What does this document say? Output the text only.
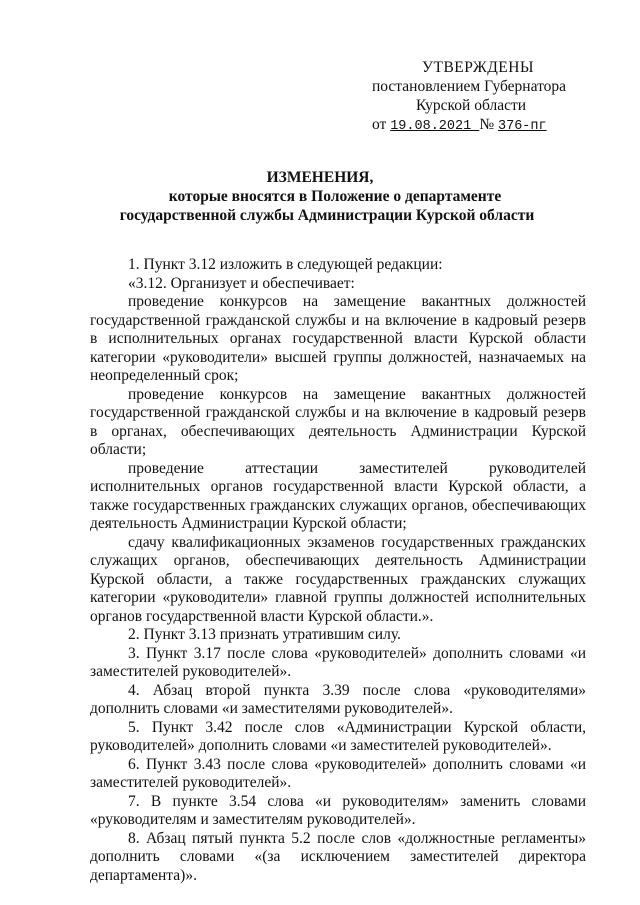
УТВЕРЖДЕНЫ
постановлением Губернатора
Курской области
от 19.08.2021 № 376-пг
ИЗМЕНЕНИЯ,
которые вносятся в Положение о департаменте
государственной службы Администрации Курской области

1. Пункт 3.12 изложить в следующей редакции:

«3.12. Организует и обеспечивает:

проведение конкурсов на замещение вакантных должностей государственной гражданской службы и на включение в кадровый резерв в исполнительных органах государственной власти Курской области категории «руководители» высшей группы должностей, назначаемых на неопределенный срок;

проведение конкурсов на замещение вакантных должностей государственной гражданской службы и на включение в кадровый резерв в органах, обеспечивающих деятельность Администрации Курской области;

проведение аттестации заместителей руководителей исполнительных органов государственной власти Курской области, а также государственных гражданских служащих органов, обеспечивающих деятельность Администрации Курской области;

сдачу квалификационных экзаменов государственных гражданских служащих органов, обеспечивающих деятельность Администрации Курской области, а также государственных гражданских служащих категории «руководители» главной группы должностей исполнительных органов государственной власти Курской области.».

2. Пункт 3.13 признать утратившим силу.

3. Пункт 3.17 после слова «руководителей» дополнить словами «и заместителей руководителей».

4. Абзац второй пункта 3.39 после слова «руководителями» дополнить словами «и заместителями руководителей».

5. Пункт 3.42 после слов «Администрации Курской области, руководителей» дополнить словами «и заместителей руководителей».

6. Пункт 3.43 после слова «руководителей» дополнить словами «и заместителей руководителей».

7. В пункте 3.54 слова «и руководителям» заменить словами «руководителям и заместителям руководителей».

8. Абзац пятый пункта 5.2 после слов «должностные регламенты» дополнить словами «(за исключением заместителей директора департамента)».
